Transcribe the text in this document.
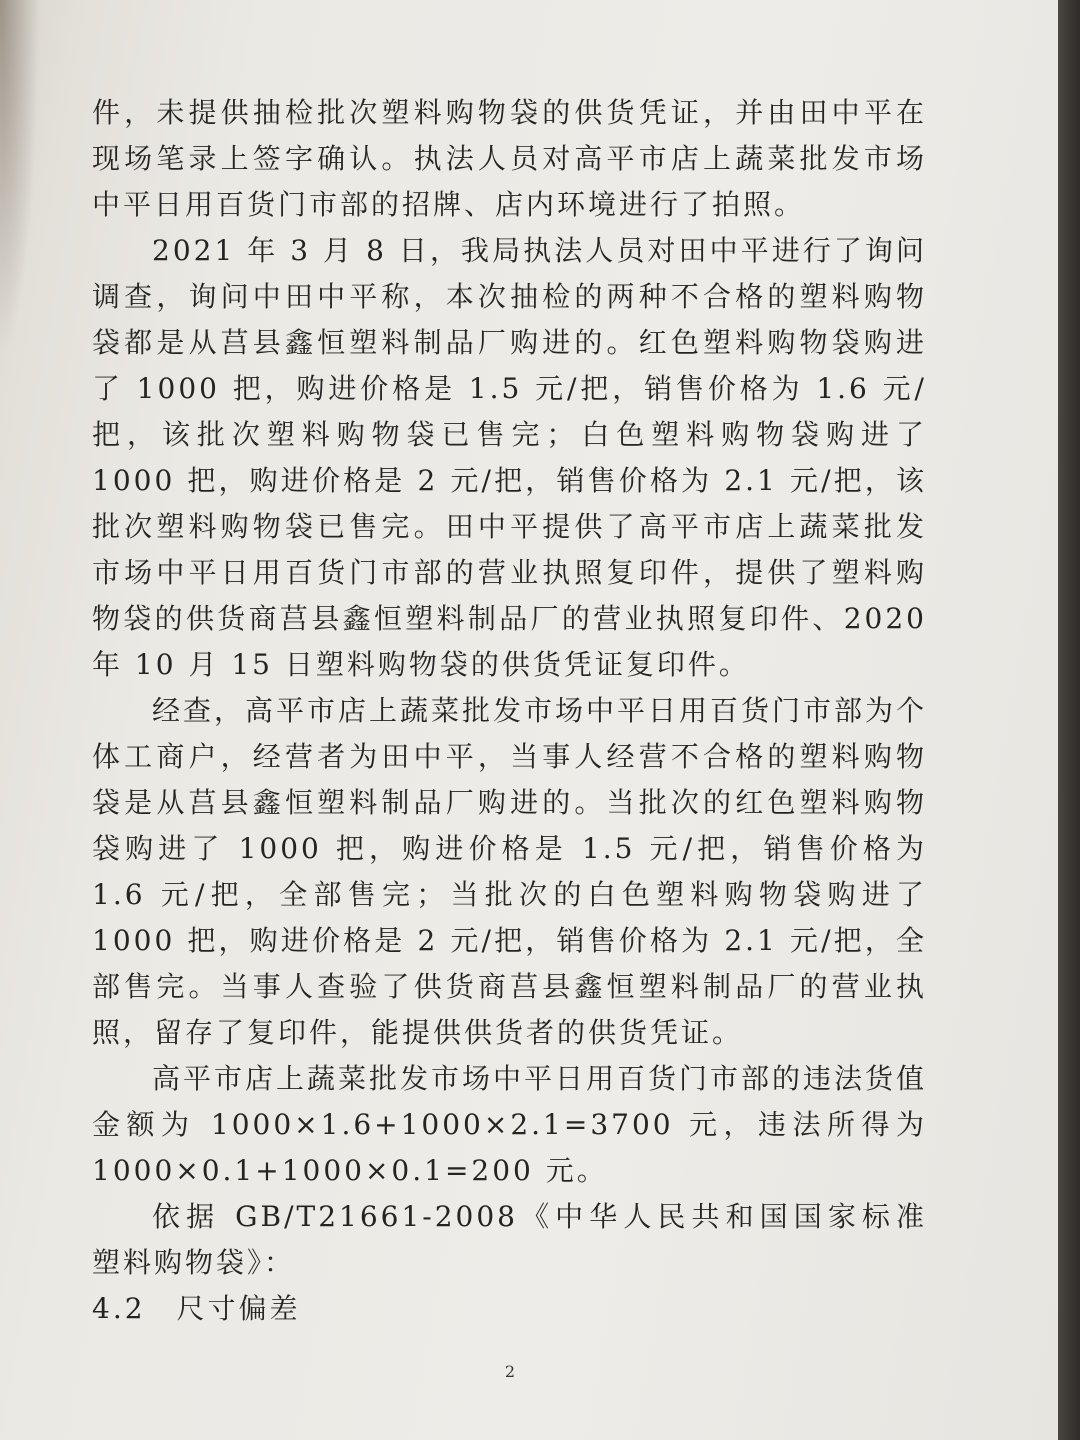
件，未提供抽检批次塑料购物袋的供货凭证，并由田中平在现场笔录上签字确认。执法人员对高平市店上蔬菜批发市场中平日用百货门市部的招牌、店内环境进行了拍照。

2021 年 3 月 8 日，我局执法人员对田中平进行了询问调查，询问中田中平称，本次抽检的两种不合格的塑料购物袋都是从莒县鑫恒塑料制品厂购进的。红色塑料购物袋购进了 1000 把，购进价格是 1.5 元/把，销售价格为 1.6 元/把，该批次塑料购物袋已售完；白色塑料购物袋购进了 1000 把，购进价格是 2 元/把，销售价格为 2.1 元/把，该批次塑料购物袋已售完。田中平提供了高平市店上蔬菜批发市场中平日用百货门市部的营业执照复印件，提供了塑料购物袋的供货商莒县鑫恒塑料制品厂的营业执照复印件、2020 年 10 月 15 日塑料购物袋的供货凭证复印件。

经查，高平市店上蔬菜批发市场中平日用百货门市部为个体工商户，经营者为田中平，当事人经营不合格的塑料购物袋是从莒县鑫恒塑料制品厂购进的。当批次的红色塑料购物袋购进了 1000 把，购进价格是 1.5 元/把，销售价格为 1.6 元/把，全部售完；当批次的白色塑料购物袋购进了 1000 把，购进价格是 2 元/把，销售价格为 2.1 元/把，全部售完。当事人查验了供货商莒县鑫恒塑料制品厂的营业执照，留存了复印件，能提供供货者的供货凭证。

高平市店上蔬菜批发市场中平日用百货门市部的违法货值金额为 1000×1.6+1000×2.1=3700 元，违法所得为 1000×0.1+1000×0.1=200 元。

依据 GB/T21661-2008《中华人民共和国国家标准　塑料购物袋》：

4.2　尺寸偏差

2
